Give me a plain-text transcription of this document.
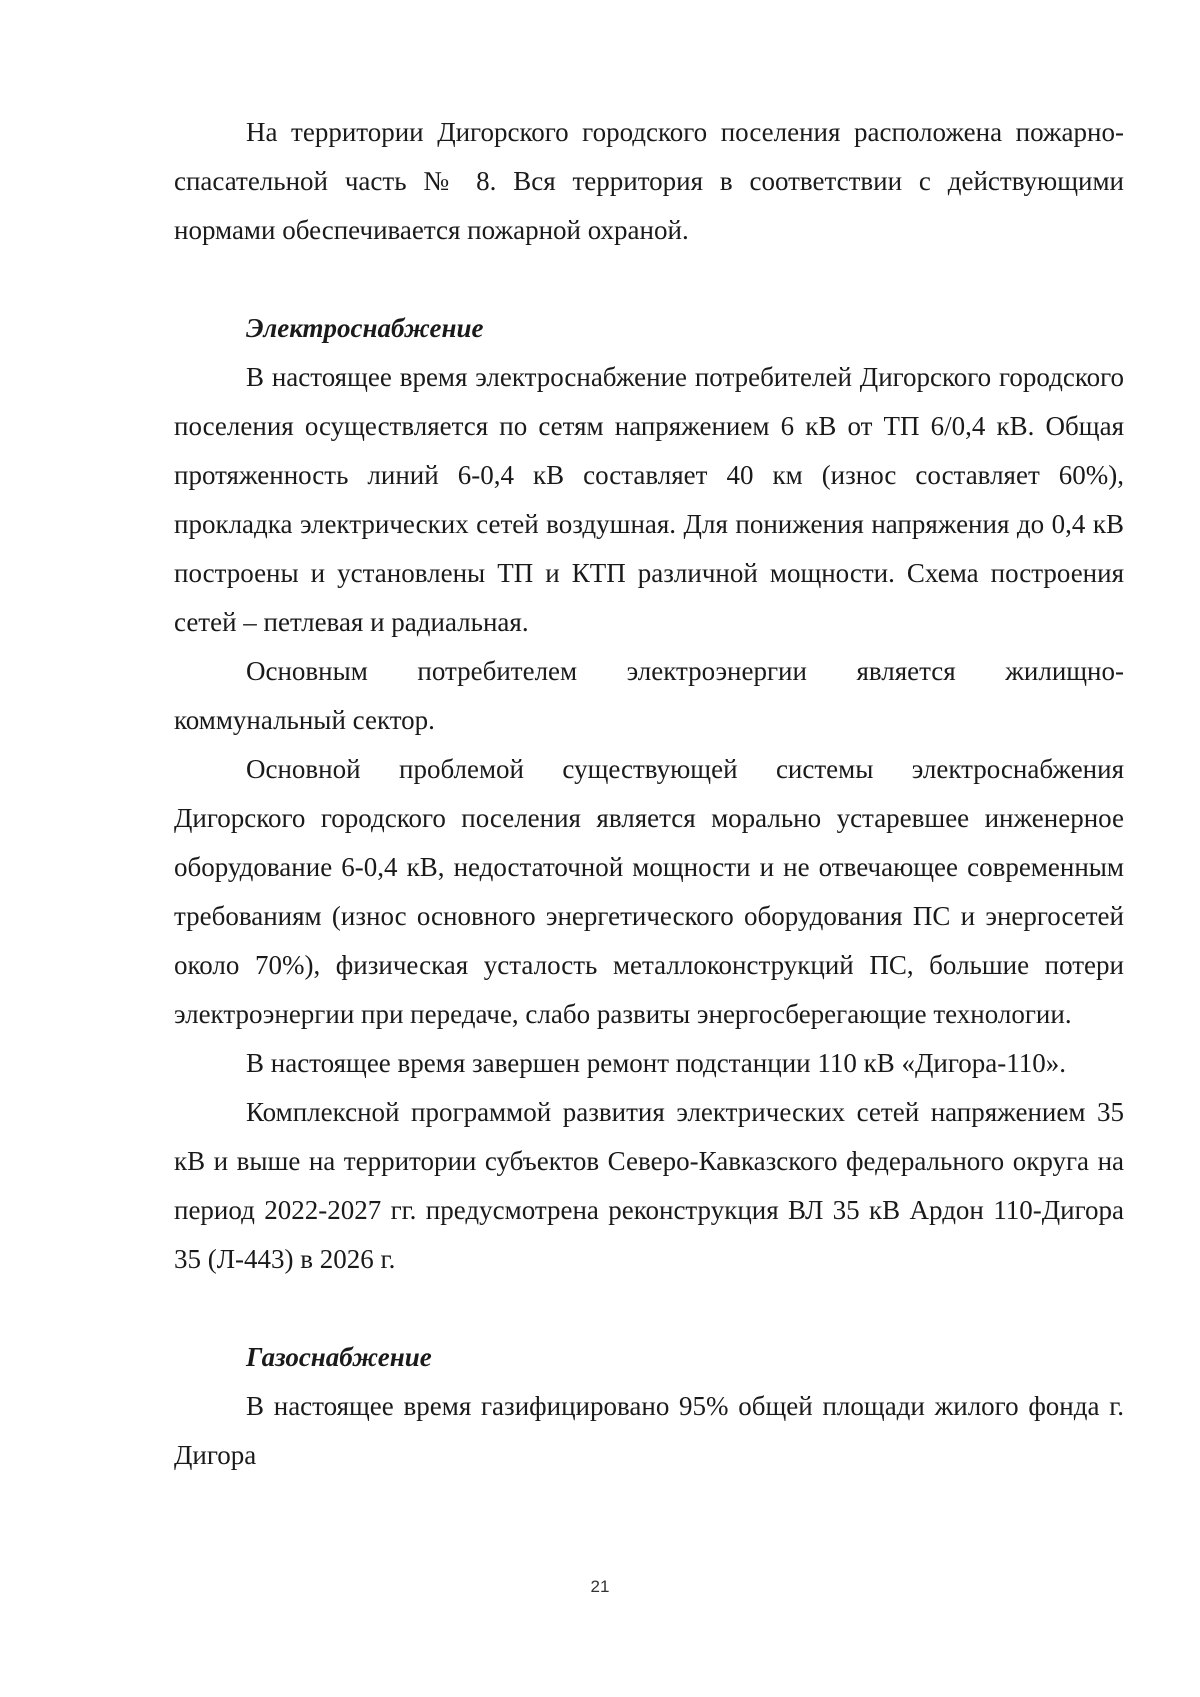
На территории Дигорского городского поселения расположена пожарно-спасательной часть № 8. Вся территория в соответствии с действующими нормами обеспечивается пожарной охраной.

Электроснабжение

В настоящее время электроснабжение потребителей Дигорского городского поселения осуществляется по сетям напряжением 6 кВ от ТП 6/0,4 кВ. Общая протяженность линий 6-0,4 кВ составляет 40 км (износ составляет 60%), прокладка электрических сетей воздушная. Для понижения напряжения до 0,4 кВ построены и установлены ТП и КТП различной мощности. Схема построения сетей – петлевая и радиальная.

Основным потребителем электроэнергии является жилищно-коммунальный сектор.

Основной проблемой существующей системы электроснабжения Дигорского городского поселения является морально устаревшее инженерное оборудование 6-0,4 кВ, недостаточной мощности и не отвечающее современным требованиям (износ основного энергетического оборудования ПС и энергосетей около 70%), физическая усталость металлоконструкций ПС, большие потери электроэнергии при передаче, слабо развиты энергосберегающие технологии.

В настоящее время завершен ремонт подстанции 110 кВ «Дигора-110».

Комплексной программой развития электрических сетей напряжением 35 кВ и выше на территории субъектов Северо-Кавказского федерального округа на период 2022-2027 гг. предусмотрена реконструкция ВЛ 35 кВ Ардон 110-Дигора 35 (Л-443) в 2026 г.

Газоснабжение

В настоящее время газифицировано 95% общей площади жилого фонда г. Дигора

21
